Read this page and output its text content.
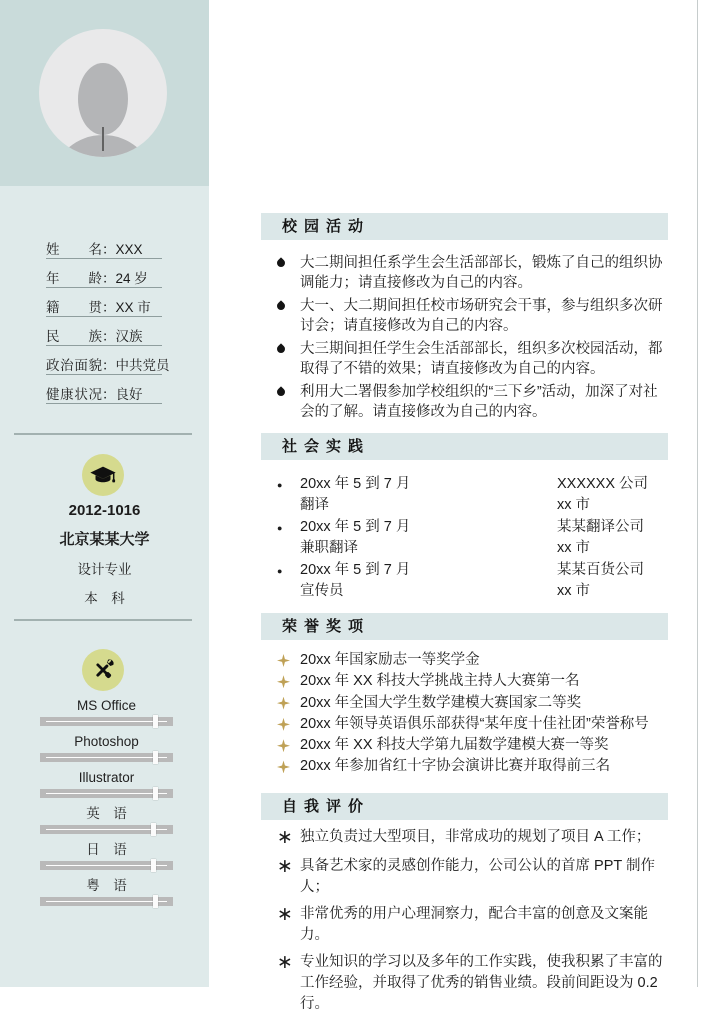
姓 名：XXX
年 龄：24 岁
籍 贯：XX 市
民 族：汉族
政治面貌：中共党员
健康状况：良好
2012-1016
北京某某大学
设计专业
本　科
MS Office
Photoshop
Illustrator
英　语
日　语
粤　语
校园活动
大二期间担任系学生会生活部部长，锻炼了自己的组织协调能力；请直接修改为自己的内容。
大一、大二期间担任校市场研究会干事，参与组织多次研讨会；请直接修改为自己的内容。
大三期间担任学生会生活部部长，组织多次校园活动，都取得了不错的效果；请直接修改为自己的内容。
利用大二署假参加学校组织的“三下乡”活动，加深了对社会的了解。请直接修改为自己的内容。
社会实践
●	20xx 年 5 到 7 月
翻译
XXXXXX 公司
xx 市
●	20xx 年 5 到 7 月
兼职翻译
某某翻译公司
xx 市
●	20xx 年 5 到 7 月
宣传员
某某百货公司
xx 市
荣誉奖项
20xx 年国家励志一等奖学金
20xx 年 XX 科技大学挑战主持人大赛第一名
20xx 年全国大学生数学建模大赛国家二等奖
20xx 年领导英语俱乐部获得“某年度十佳社团”荣誉称号
20xx 年 XX 科技大学第九届数学建模大赛一等奖
20xx 年参加省红十字协会演讲比赛并取得前三名
自我评价
∗ 独立负责过大型项目，非常成功的规划了项目 A 工作；
∗ 具备艺术家的灵感创作能力，公司公认的首席 PPT 制作人；
∗ 非常优秀的用户心理洞察力，配合丰富的创意及文案能力。
∗ 专业知识的学习以及多年的工作实践，使我积累了丰富的工作经验，并取得了优秀的销售业绩。段前间距设为 0.2 行。
